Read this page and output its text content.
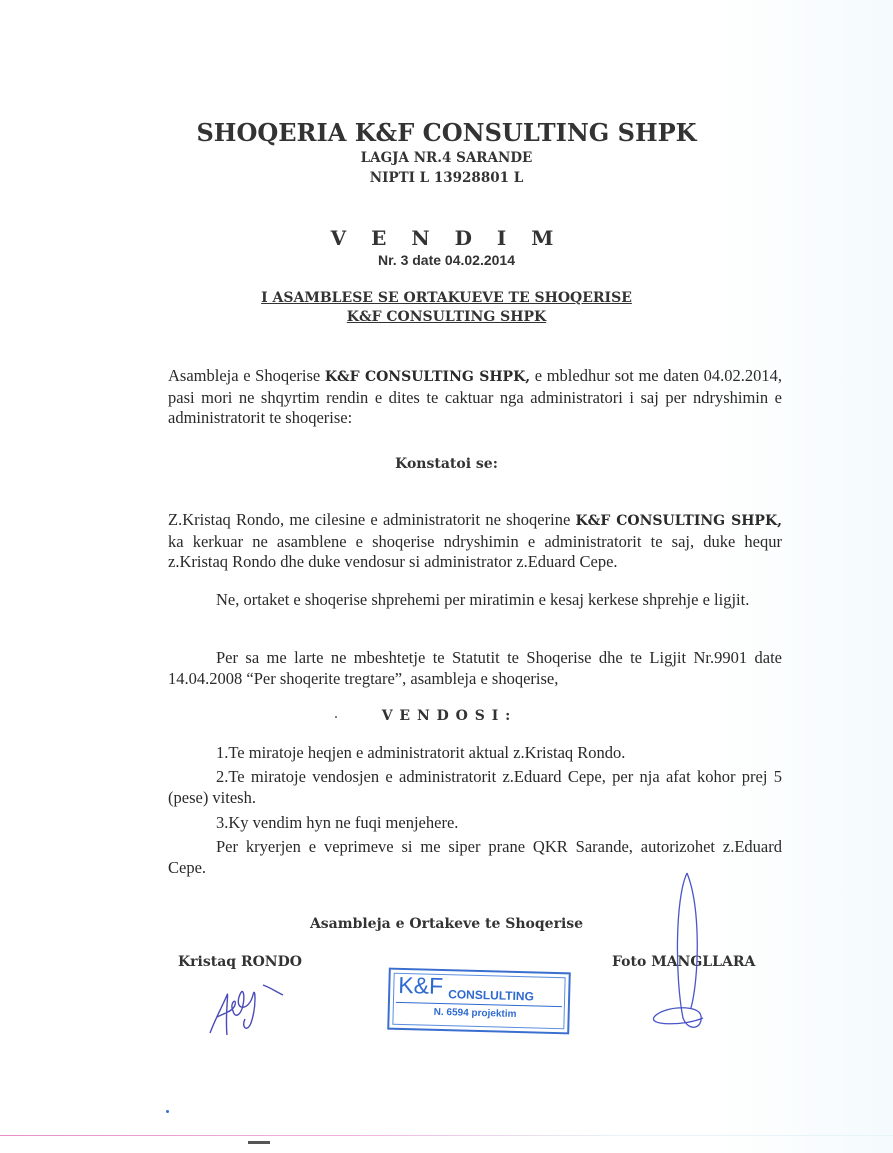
SHOQERIA K&F CONSULTING SHPK
LAGJA NR.4 SARANDE
NIPTI L 13928801 L
V E N D I M
Nr. 3 date 04.02.2014
I ASAMBLESE SE ORTAKUEVE TE SHOQERISE
K&F CONSULTING SHPK
Asambleja e Shoqerise K&F CONSULTING SHPK, e mbledhur sot me daten 04.02.2014, pasi mori ne shqyrtim rendin e dites te caktuar nga administratori i saj per ndryshimin e administratorit te shoqerise:
Konstatoi se:
Z.Kristaq Rondo, me cilesine e administratorit ne shoqerine K&F CONSULTING SHPK, ka kerkuar ne asamblene e shoqerise ndryshimin e administratorit te saj, duke hequr z.Kristaq Rondo dhe duke vendosur si administrator z.Eduard Cepe.
Ne, ortaket e shoqerise shprehemi per miratimin e kesaj kerkese shprehje e ligjit.
Per sa me larte ne mbeshtetje te Statutit te Shoqerise dhe te Ligjit Nr.9901 date 14.04.2008 “Per shoqerite tregtare”, asambleja e shoqerise,
V E N D O S I :
1.Te miratoje heqjen e administratorit aktual z.Kristaq Rondo.
2.Te miratoje vendosjen e administratorit z.Eduard Cepe, per nja afat kohor prej 5 (pese) vitesh.
3.Ky vendim hyn ne fuqi menjehere.
Per kryerjen e veprimeve si me siper prane QKR Sarande, autorizohet z.Eduard Cepe.
Asambleja e Ortakeve te Shoqerise
Kristaq RONDO	Foto MANGLLARA
K&F CONSLULTING
N. 6594 projektim
